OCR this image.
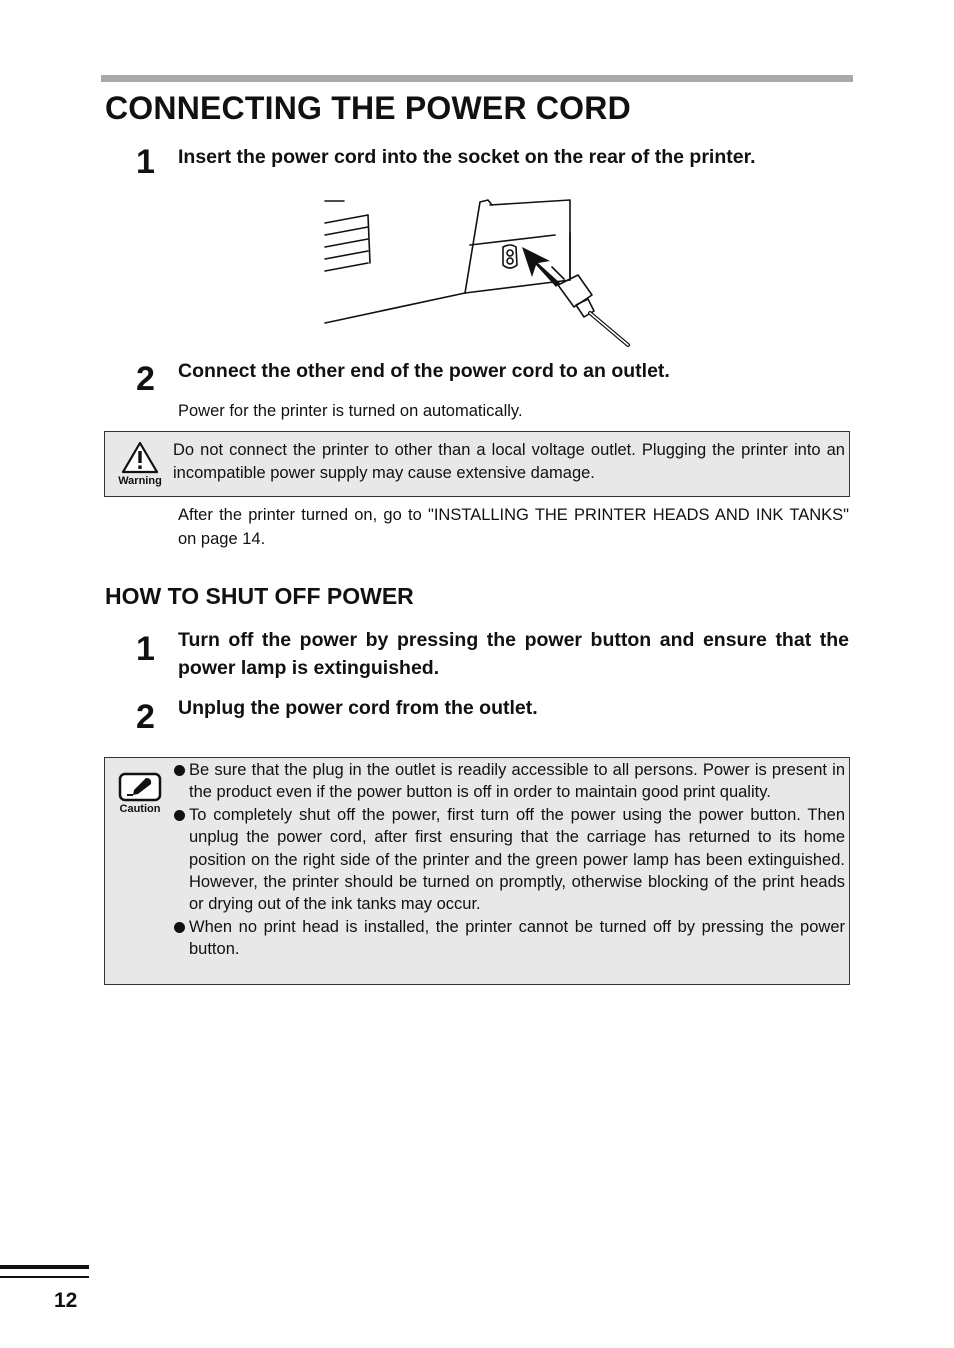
CONNECTING THE POWER CORD
1 Insert the power cord into the socket on the rear of the printer.

2 Connect the other end of the power cord to an outlet.

Power for the printer is turned on automatically.

Warning

Do not connect the printer to other than a local voltage outlet. Plugging the printer into an incompatible power supply may cause extensive damage.

After the printer turned on, go to "INSTALLING THE PRINTER HEADS AND INK TANKS" on page 14.

HOW TO SHUT OFF POWER
1 Turn off the power by pressing the power button and ensure that the power lamp is extinguished.

2 Unplug the power cord from the outlet.

Caution
Be sure that the plug in the outlet is readily accessible to all persons. Power is present in the product even if the power button is off in order to maintain good print quality.
To completely shut off the power, first turn off the power using the power button. Then unplug the power cord, after first ensuring that the carriage has returned to its home position on the right side of the printer and the green power lamp has been extinguished. However, the printer should be turned on promptly, otherwise blocking of the print heads or drying out of the ink tanks may occur.
When no print head is installed, the printer cannot be turned off by pressing the power button.
12
